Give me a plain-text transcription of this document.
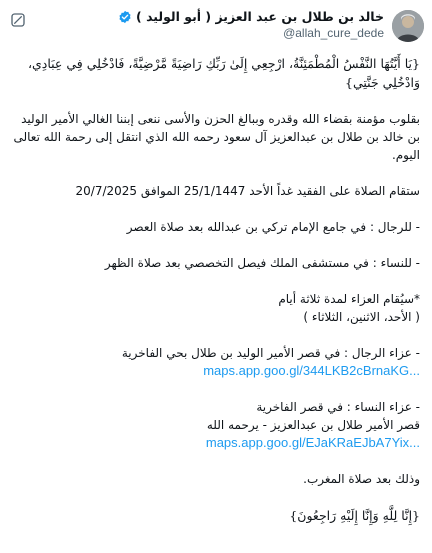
خالد بن طلال بن عبد العزيز ( أبو الوليد )
@allah_cure_dede

{يَا أَيَّتُهَا النَّفْسُ الْمُطْمَئِنَّةُ، ارْجِعِي إِلَىٰ رَبِّكِ رَاضِيَةً مَّرْضِيَّةً، فَادْخُلِي فِي عِبَادِي، وَادْخُلِي جَنَّتِي}

بقلوب مؤمنة بقضاء الله وقدره وببالغ الحزن والأسى ننعى إبننا الغالي الأمير الوليد بن خالد بن طلال بن عبدالعزيز آل سعود رحمه الله الذي انتقل إلى رحمة الله تعالى اليوم.

ستقام الصلاة على الفقيد غداً الأحد 25/1/1447 الموافق 20/7/2025

- للرجال : في جامع الإمام تركي بن عبدالله بعد صلاة العصر

- للنساء : في مستشفى الملك فيصل التخصصي بعد صلاة الظهر

*سيُقام العزاء لمدة ثلاثة أيام

( الأحد، الاثنين، الثلاثاء )

- عزاء الرجال : في قصر الأمير الوليد بن طلال بحي الفاخرية

maps.app.goo.gl/344LKB2cBrnaKG...

- عزاء النساء : في قصر الفاخرية

قصر الأمير طلال بن عبدالعزيز - يرحمه الله

maps.app.goo.gl/EJaKRaEJbA7Yix...

وذلك بعد صلاة المغرب.

{إِنَّا لِلَّهِ وَإِنَّا إِلَيْهِ رَاجِعُونَ}
